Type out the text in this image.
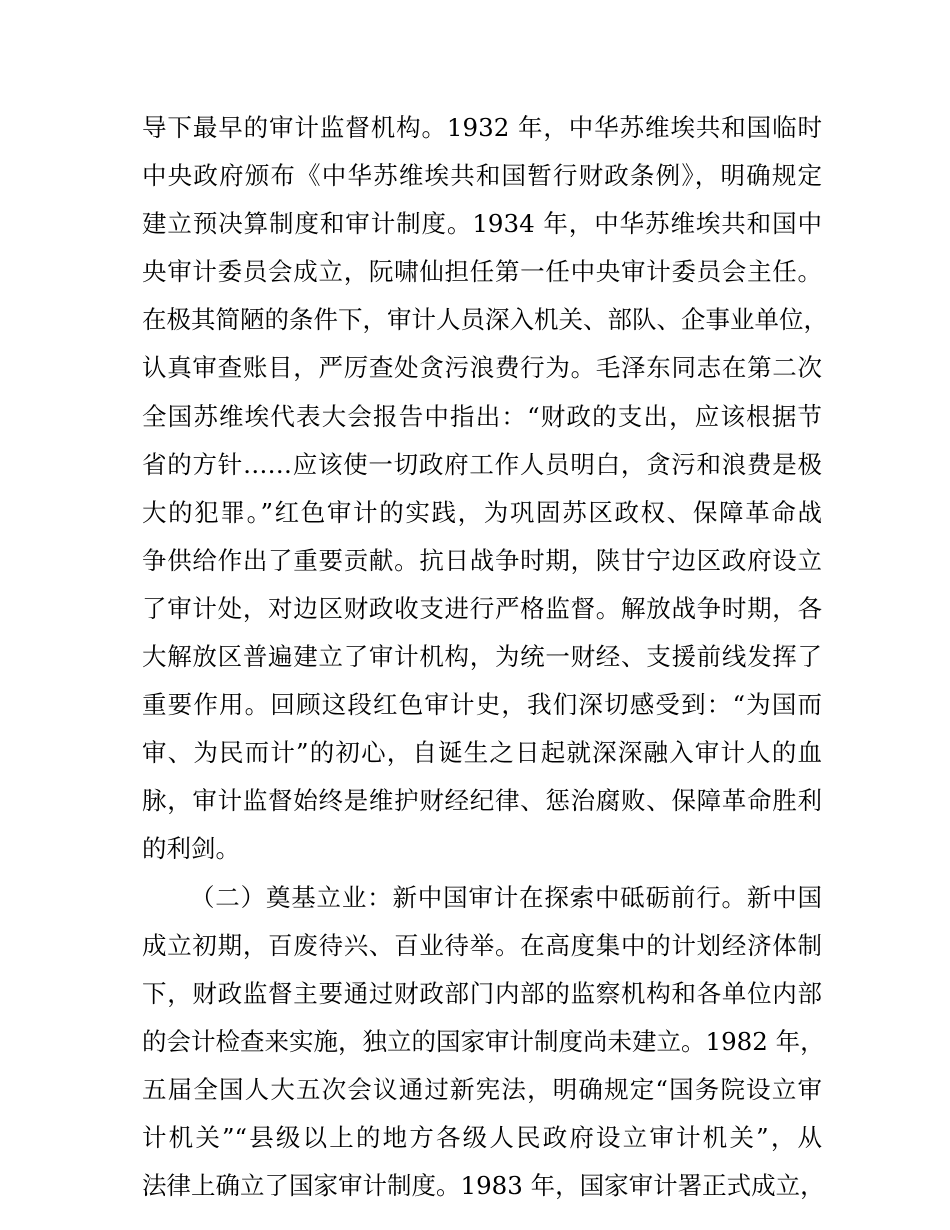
导下最早的审计监督机构。1932 年，中华苏维埃共和国临时
中央政府颁布《中华苏维埃共和国暂行财政条例》，明确规定
建立预决算制度和审计制度。1934 年，中华苏维埃共和国中
央审计委员会成立，阮啸仙担任第一任中央审计委员会主任。
在极其简陋的条件下，审计人员深入机关、部队、企事业单位，
认真审查账目，严厉查处贪污浪费行为。毛泽东同志在第二次
全国苏维埃代表大会报告中指出：“财政的支出，应该根据节
省的方针……应该使一切政府工作人员明白，贪污和浪费是极
大的犯罪。”红色审计的实践，为巩固苏区政权、保障革命战
争供给作出了重要贡献。抗日战争时期，陕甘宁边区政府设立
了审计处，对边区财政收支进行严格监督。解放战争时期，各
大解放区普遍建立了审计机构，为统一财经、支援前线发挥了
重要作用。回顾这段红色审计史，我们深切感受到：“为国而
审、为民而计”的初心，自诞生之日起就深深融入审计人的血
脉，审计监督始终是维护财经纪律、惩治腐败、保障革命胜利
的利剑。
（二）奠基立业：新中国审计在探索中砥砺前行。新中国
成立初期，百废待兴、百业待举。在高度集中的计划经济体制
下，财政监督主要通过财政部门内部的监察机构和各单位内部
的会计检查来实施，独立的国家审计制度尚未建立。1982 年，
五届全国人大五次会议通过新宪法，明确规定“国务院设立审
计机关”“县级以上的地方各级人民政府设立审计机关”，从
法律上确立了国家审计制度。1983 年，国家审计署正式成立，
